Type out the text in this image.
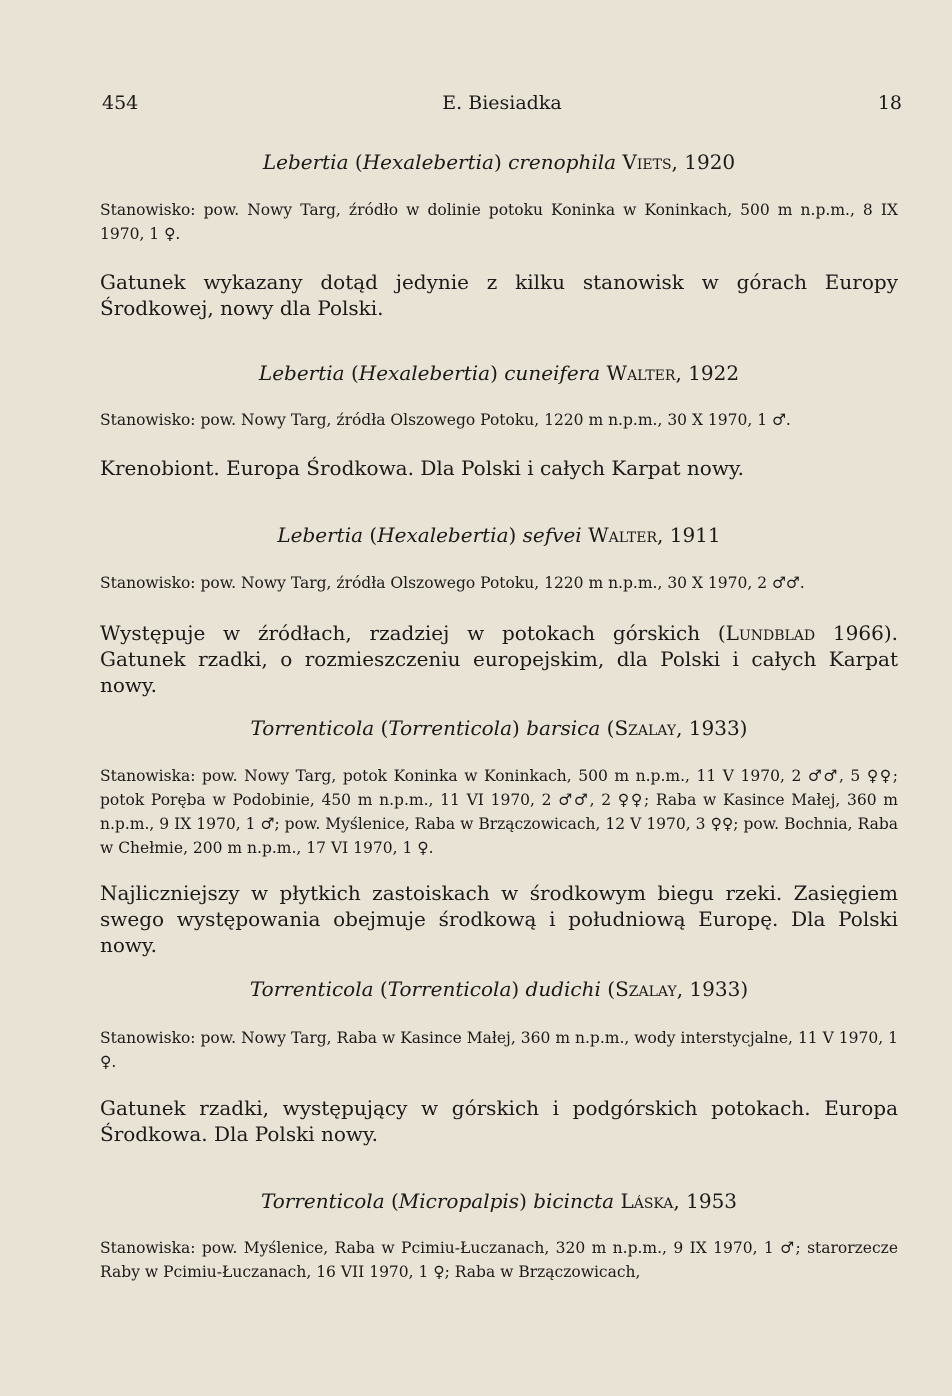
454	E. Biesiadka	18
Lebertia (Hexalebertia) crenophila Viets, 1920

Stanowisko: pow. Nowy Targ, źródło w dolinie potoku Koninka w Koninkach, 500 m n.p.m., 8 IX 1970, 1 ♀.

Gatunek wykazany dotąd jedynie z kilku stanowisk w górach Europy Środkowej, nowy dla Polski.

Lebertia (Hexalebertia) cuneifera Walter, 1922

Stanowisko: pow. Nowy Targ, źródła Olszowego Potoku, 1220 m n.p.m., 30 X 1970, 1 ♂.

Krenobiont. Europa Środkowa. Dla Polski i całych Karpat nowy.

Lebertia (Hexalebertia) sefvei Walter, 1911

Stanowisko: pow. Nowy Targ, źródła Olszowego Potoku, 1220 m n.p.m., 30 X 1970, 2 ♂♂.

Występuje w źródłach, rzadziej w potokach górskich (Lundblad 1966). Gatunek rzadki, o rozmieszczeniu europejskim, dla Polski i całych Karpat nowy.

Torrenticola (Torrenticola) barsica (Szalay, 1933)

Stanowiska: pow. Nowy Targ, potok Koninka w Koninkach, 500 m n.p.m., 11 V 1970, 2 ♂♂, 5 ♀♀; potok Poręba w Podobinie, 450 m n.p.m., 11 VI 1970, 2 ♂♂, 2 ♀♀; Raba w Kasince Małej, 360 m n.p.m., 9 IX 1970, 1 ♂; pow. Myślenice, Raba w Brzączowicach, 12 V 1970, 3 ♀♀; pow. Bochnia, Raba w Chełmie, 200 m n.p.m., 17 VI 1970, 1 ♀.

Najliczniejszy w płytkich zastoiskach w środkowym biegu rzeki. Zasięgiem swego występowania obejmuje środkową i południową Europę. Dla Polski nowy.

Torrenticola (Torrenticola) dudichi (Szalay, 1933)

Stanowisko: pow. Nowy Targ, Raba w Kasince Małej, 360 m n.p.m., wody interstycjalne, 11 V 1970, 1 ♀.

Gatunek rzadki, występujący w górskich i podgórskich potokach. Europa Środkowa. Dla Polski nowy.

Torrenticola (Micropalpis) bicincta Láska, 1953

Stanowiska: pow. Myślenice, Raba w Pcimiu-Łuczanach, 320 m n.p.m., 9 IX 1970, 1 ♂; starorzecze Raby w Pcimiu-Łuczanach, 16 VII 1970, 1 ♀; Raba w Brzączowicach,
